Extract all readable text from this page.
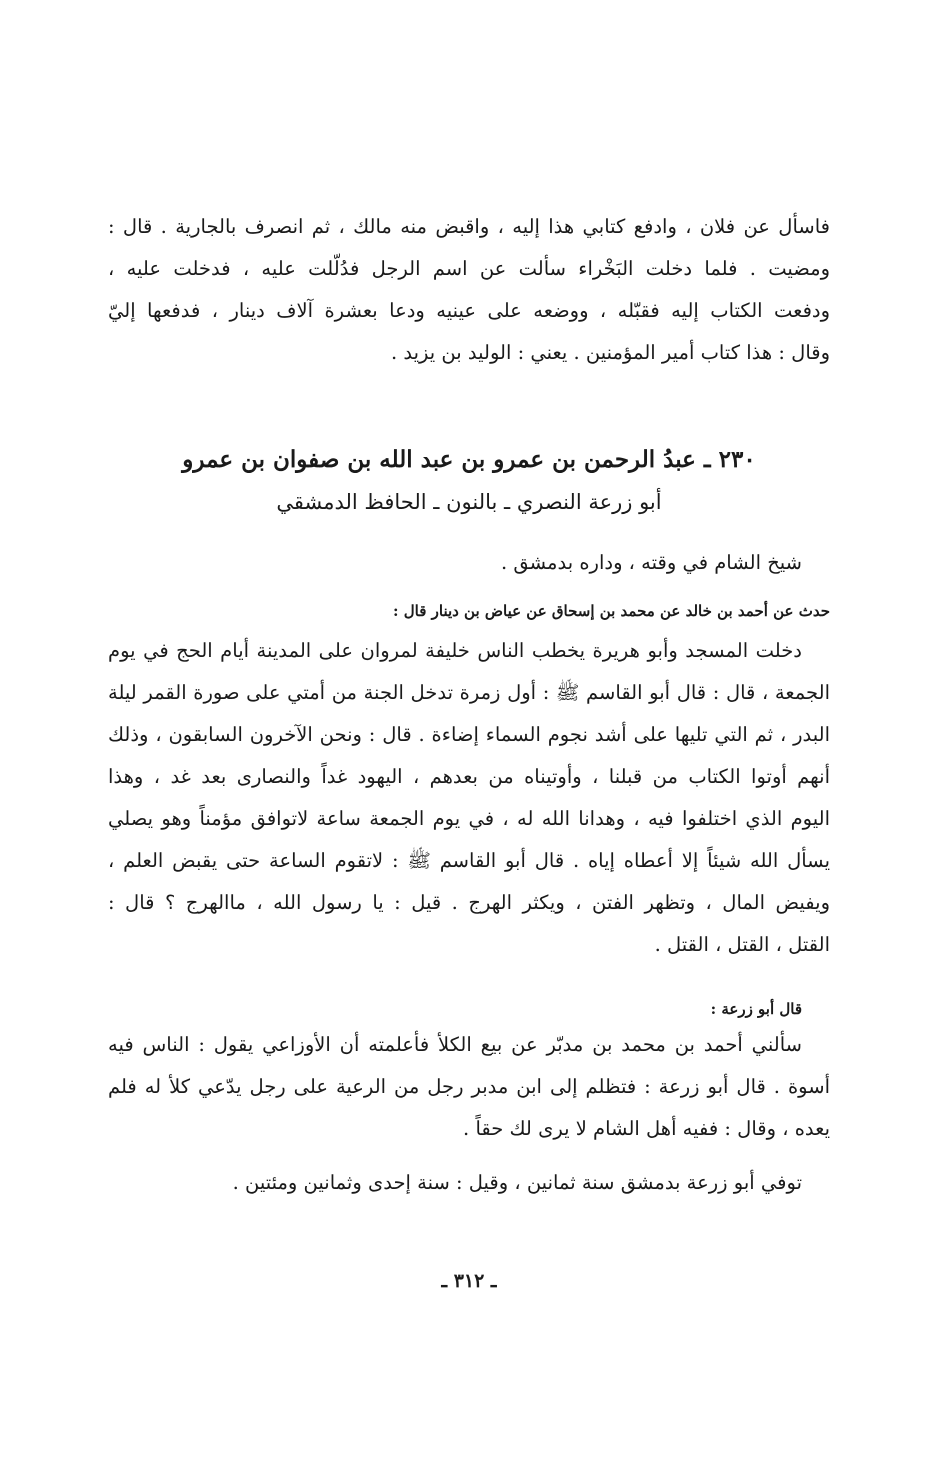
فاسأل عن فلان ، وادفع كتابي هذا إليه ، واقبض منه مالك ، ثم انصرف بالجارية . قال :
ومضيت . فلما دخلت البَخْراء سألت عن اسم الرجل فدُلّلت عليه ، فدخلت عليه ،
ودفعت الكتاب إليه فقبّله ، ووضعه على عينيه ودعا بعشرة آلاف دينار ، فدفعها إليّ
وقال : هذا كتاب أمير المؤمنين . يعني : الوليد بن يزيد .
٢٣٠ ـ عبدُ الرحمن بن عمرو بن عبد الله بن صفوان بن عمرو
أبو زرعة النصري ـ بالنون ـ الحافظ الدمشقي
شيخ الشام في وقته ، وداره بدمشق .
حدث عن أحمد بن خالد عن محمد بن إسحاق عن عياض بن دينار قال :
دخلت المسجد وأبو هريرة يخطب الناس خليفة لمروان على المدينة أيام الحج في يوم
الجمعة ، قال : قال أبو القاسم ﷺ : أول زمرة تدخل الجنة من أمتي على صورة القمر ليلة
البدر ، ثم التي تليها على أشد نجوم السماء إضاءة . قال : ونحن الآخرون السابقون ، وذلك
أنهم أوتوا الكتاب من قبلنا ، وأوتيناه من بعدهم ، اليهود غداً والنصارى بعد غد ، وهذا
اليوم الذي اختلفوا فيه ، وهدانا الله له ، في يوم الجمعة ساعة لاتوافق مؤمناً وهو يصلي
يسأل الله شيئاً إلا أعطاه إياه . قال أبو القاسم ﷺ : لاتقوم الساعة حتى يقبض العلم ،
ويفيض المال ، وتظهر الفتن ، ويكثر الهرج . قيل : يا رسول الله ، ماالهرج ؟ قال :
القتل ، القتل ، القتل .
قال أبو زرعة :
سألني أحمد بن محمد بن مدبّر عن بيع الكلأ فأعلمته أن الأوزاعي يقول : الناس فيه
أسوة . قال أبو زرعة : فتظلم إلى ابن مدبر رجل من الرعية على رجل يدّعي كلأ له فلم
يعده ، وقال : ففيه أهل الشام لا يرى لك حقاً .
توفي أبو زرعة بدمشق سنة ثمانين ، وقيل : سنة إحدى وثمانين ومئتين .
ـ ٣١٢ ـ
